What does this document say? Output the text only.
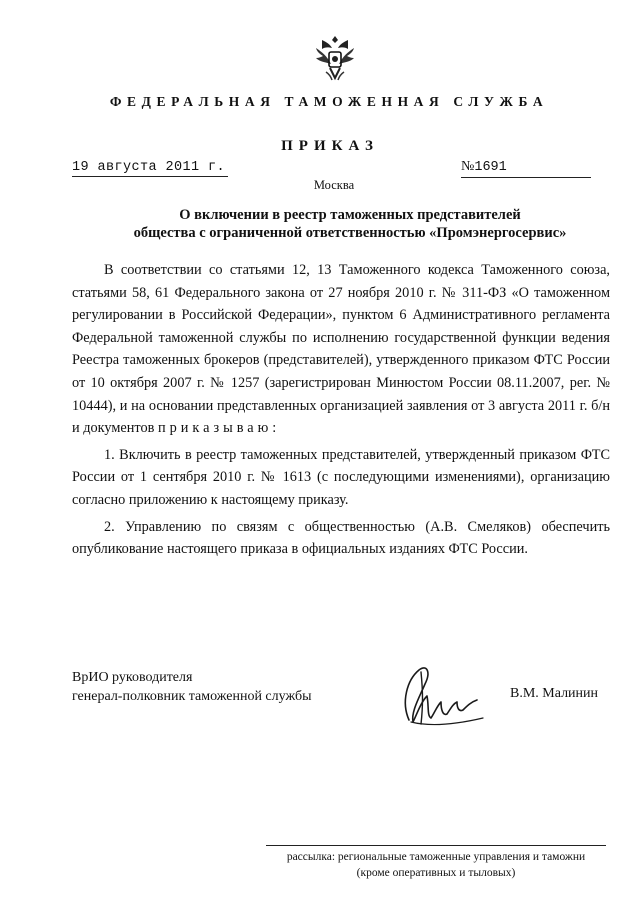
ФЕДЕРАЛЬНАЯ ТАМОЖЕННАЯ СЛУЖБА
ПРИКАЗ
19 августа 2011 г.	№1691
Москва
О включении в реестр таможенных представителей
общества с ограниченной ответственностью «Промэнергосервис»

В соответствии со статьями 12, 13 Таможенного кодекса Таможенного союза, статьями 58, 61 Федерального закона от 27 ноября 2010 г. № 311-ФЗ «О таможенном регулировании в Российской Федерации», пунктом 6 Административного регламента Федеральной таможенной службы по исполнению государственной функции ведения Реестра таможенных брокеров (представителей), утвержденного приказом ФТС России от 10 октября 2007 г. № 1257 (зарегистрирован Минюстом России 08.11.2007, рег. № 10444), и на основании представленных организацией заявления от 3 августа 2011 г. б/н и документов приказываю:

1. Включить в реестр таможенных представителей, утвержденный приказом ФТС России от 1 сентября 2010 г. № 1613 (с последующими изменениями), организацию согласно приложению к настоящему приказу.

2. Управлению по связям с общественностью (А.В. Смеляков) обеспечить опубликование настоящего приказа в официальных изданиях ФТС России.

ВрИО руководителя
генерал-полковник таможенной службы	В.М. Малинин
рассылка: региональные таможенные управления и таможни
(кроме оперативных и тыловых)
